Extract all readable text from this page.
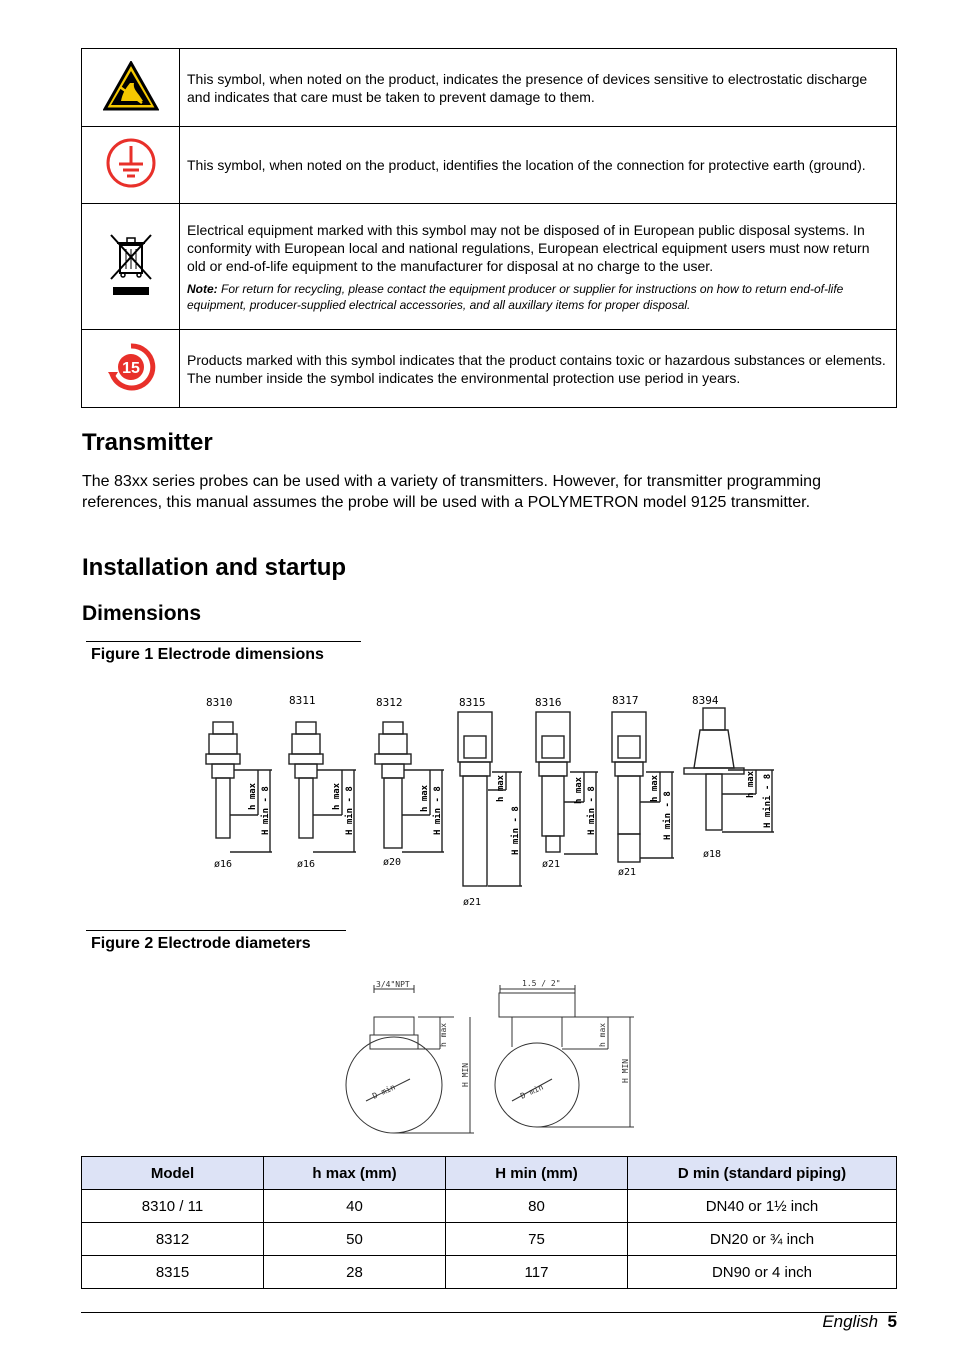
	This symbol, when noted on the product, indicates the presence of devices sensitive to electrostatic discharge and indicates that care must be taken to prevent damage to them.
	This symbol, when noted on the product, identifies the location of the connection for protective earth (ground).

Electrical equipment marked with this symbol may not be disposed of in European public disposal systems. In conformity with European local and national regulations, European electrical equipment users must now return old or end-of-life equipment to the manufacturer for disposal at no charge to the user.
Note: For return for recycling, please contact the equipment producer or supplier for instructions on how to return end-of-life equipment, producer-supplied electrical accessories, and all auxillary items for proper disposal.

15	Products marked with this symbol indicates that the product contains toxic or hazardous substances or elements. The number inside the symbol indicates the environmental protection use period in years.
Transmitter
The 83xx series probes can be used with a variety of transmitters. However, for transmitter programming references, this manual assumes the probe will be used with a POLYMETRON model 9125 transmitter.
Installation and startup
Dimensions
Figure 1 Electrode dimensions
8310	8311	8312	8315	8316	8317	8394
ø16	ø16	ø20
ø21
ø21
ø21
ø18
h max H min - 8	h max H min - 8	h max H min - 8	h max
H min - 8
h max H min - 8	h max
H min - 8
h max H mini - 8
Figure 2 Electrode diameters
3/4"NPT	1.5 / 2"
h max
H MIN
D min
h max
H MIN
D min
Model	h max (mm)	H min (mm)	D min (standard piping)
8310 / 11	40	80	DN40 or 1½ inch
8312	50	75	DN20 or ¾ inch
8315	28	117	DN90 or 4 inch
English 5
